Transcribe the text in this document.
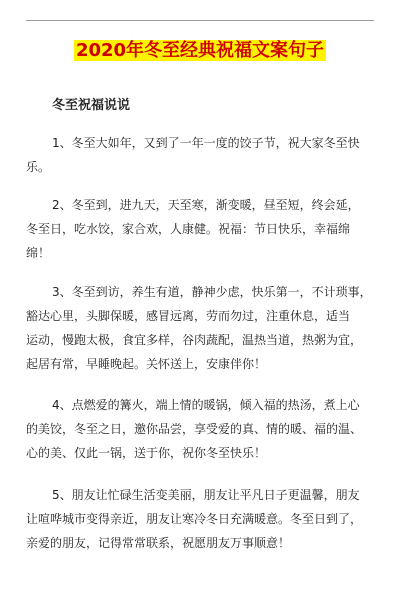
2020年冬至经典祝福文案句子
冬至祝福说说
1、冬至大如年，又到了一年一度的饺子节，祝大家冬至快
乐。
2、冬至到，进九天，天至寒，渐变暖，昼至短，终会延，
冬至日，吃水饺，家合欢，人康健。祝福：节日快乐，幸福绵
绵！
3、冬至到访，养生有道，静神少虑，快乐第一，不计琐事，
豁达心里，头脚保暖，感冒远离，劳而勿过，注重休息，适当
运动，慢跑太极，食宜多样，谷肉蔬配，温热当道，热粥为宜，
起居有常，早睡晚起。关怀送上，安康伴你！
4、点燃爱的篝火，端上情的暖锅，倾入福的热汤，煮上心
的美饺，冬至之日，邀你品尝，享受爱的真、情的暖、福的温、
心的美、仅此一锅，送于你，祝你冬至快乐！
5、朋友让忙碌生活变美丽，朋友让平凡日子更温馨，朋友
让喧哗城市变得亲近，朋友让寒冷冬日充满暖意。冬至日到了，
亲爱的朋友，记得常常联系，祝愿朋友万事顺意！
